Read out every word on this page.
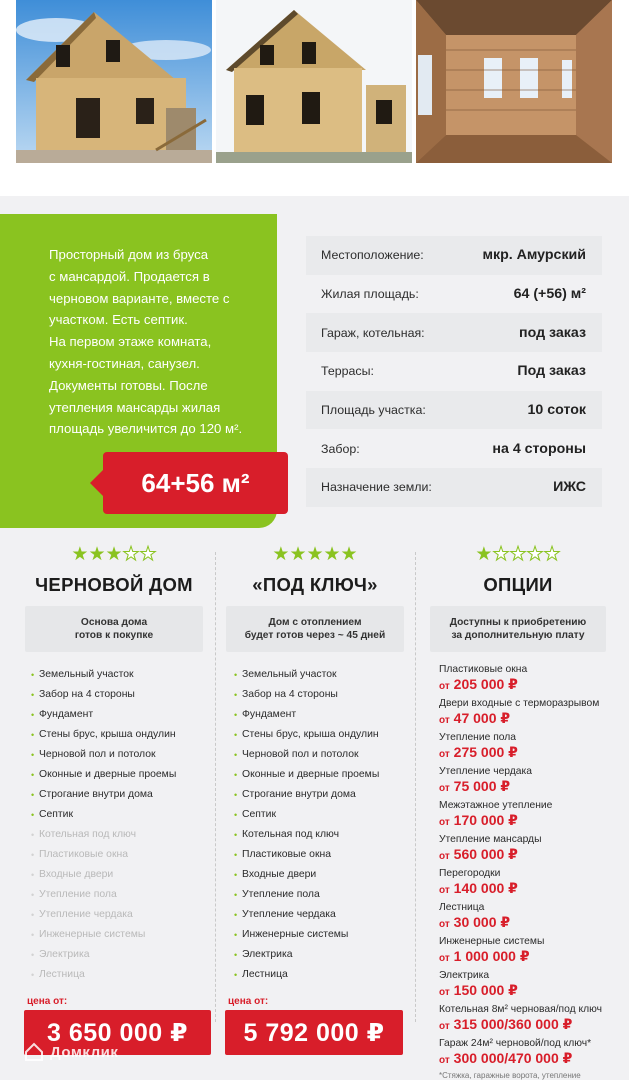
Просторный дом из бруса
с мансардой. Продается в
черновом варианте, вместе с
участком. Есть септик.
На первом этаже комната,
кухня-гостиная, санузел.
Документы готовы. После
утепления мансарды жилая
площадь увеличится до 120 м².
64+56 м²
Местоположение:	мкр. Амурский
Жилая площадь:	64 (+56) м²
Гараж, котельная:	под заказ
Террасы:	Под заказ
Площадь участка:	10 соток
Забор:	на 4 стороны
Назначение земли:	ИЖС
★★★★★
ЧЕРНОВОЙ ДОМ
Основа дома
готов к покупке
• Земельный участок
• Забор на 4 стороны
• Фундамент
• Стены брус, крыша ондулин
• Черновой пол и потолок
• Оконные и дверные проемы
• Строгание внутри дома
• Септик
• Котельная под ключ
• Пластиковые окна
• Входные двери
• Утепление пола
• Утепление чердака
• Инженерные системы
• Электрика
• Лестница
цена от:
3 650 000 ₽
★★★★★
«ПОД КЛЮЧ»
Дом с отоплением
будет готов через ~ 45 дней
• Земельный участок
• Забор на 4 стороны
• Фундамент
• Стены брус, крыша ондулин
• Черновой пол и потолок
• Оконные и дверные проемы
• Строгание внутри дома
• Септик
• Котельная под ключ
• Пластиковые окна
• Входные двери
• Утепление пола
• Утепление чердака
• Инженерные системы
• Электрика
• Лестница
цена от:
5 792 000 ₽
★★★★★
ОПЦИИ
Доступны к приобретению
за дополнительную плату
Пластиковые окна
от 205 000 ₽
Двери входные с терморазрывом
от 47 000 ₽
Утепление пола
от 275 000 ₽
Утепление чердака
от 75 000 ₽
Межэтажное утепление
от 170 000 ₽
Утепление мансарды
от 560 000 ₽
Перегородки
от 140 000 ₽
Лестница
от 30 000 ₽
Инженерные системы
от 1 000 000 ₽
Электрика
от 150 000 ₽
Котельная 8м² черновая/под ключ
от 315 000/360 000 ₽
Гараж 24м² черновой/под ключ*
от 300 000/470 000 ₽
*Стяжка, гаражные ворота, утепление
Домклик
